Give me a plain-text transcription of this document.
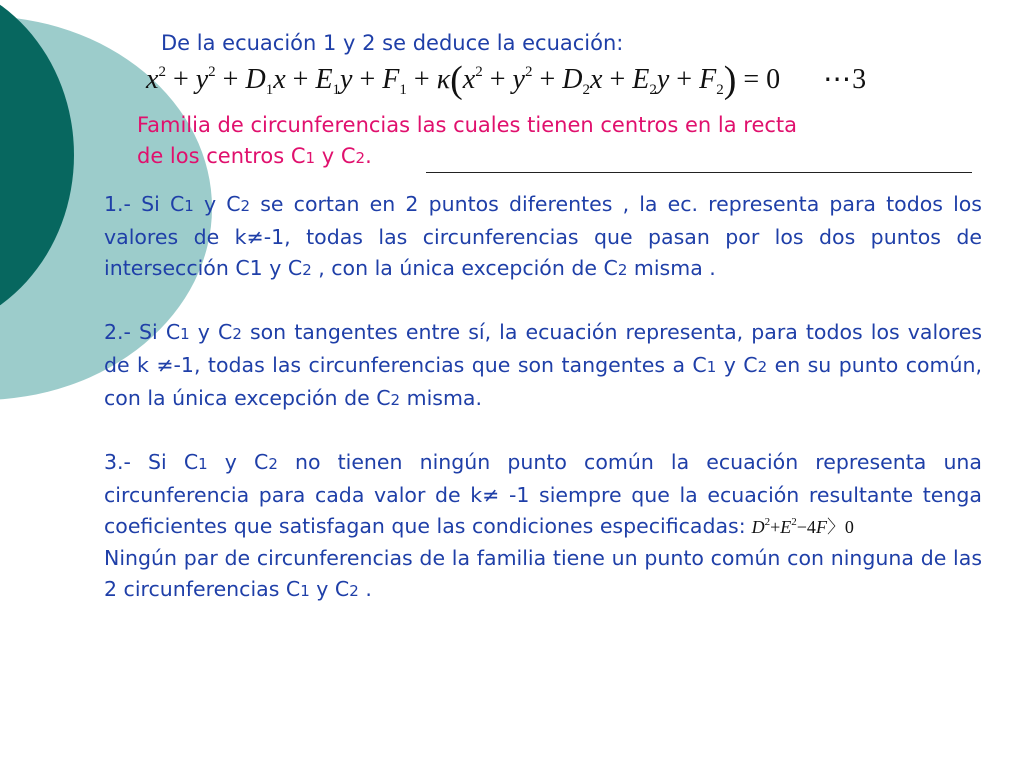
De la ecuación 1 y 2 se deduce la ecuación:
$x^2 + y^2 + D_1x + E_1y + F_1 + \kappa(x^2 + y^2 + D_2x + E_2y + F_2) = 0$ ⋯3
Familia de circunferencias las cuales tienen centros en la recta
de los centros C1 y C2.

1.- Si C1 y C2 se cortan en 2 puntos diferentes , la ec. representa para todos los valores de k≠-1, todas las circunferencias que pasan por los dos puntos de intersección C1 y C2 , con la única excepción de C2 misma .

2.- Si C1 y C2 son tangentes entre sí, la ecuación representa, para todos los valores de k ≠-1, todas las circunferencias que son tangentes a C1 y C2 en su punto común, con la única excepción de C2 misma.

3.- Si C1 y C2 no tienen ningún punto común la ecuación representa una circunferencia para cada valor de k≠ -1 siempre que la ecuación resultante tenga coeficientes que satisfagan que las condiciones especificadas: $D^2+E^2-4F$〉0

Ningún par de circunferencias de la familia tiene un punto común con ninguna de las 2 circunferencias C1 y C2 .
